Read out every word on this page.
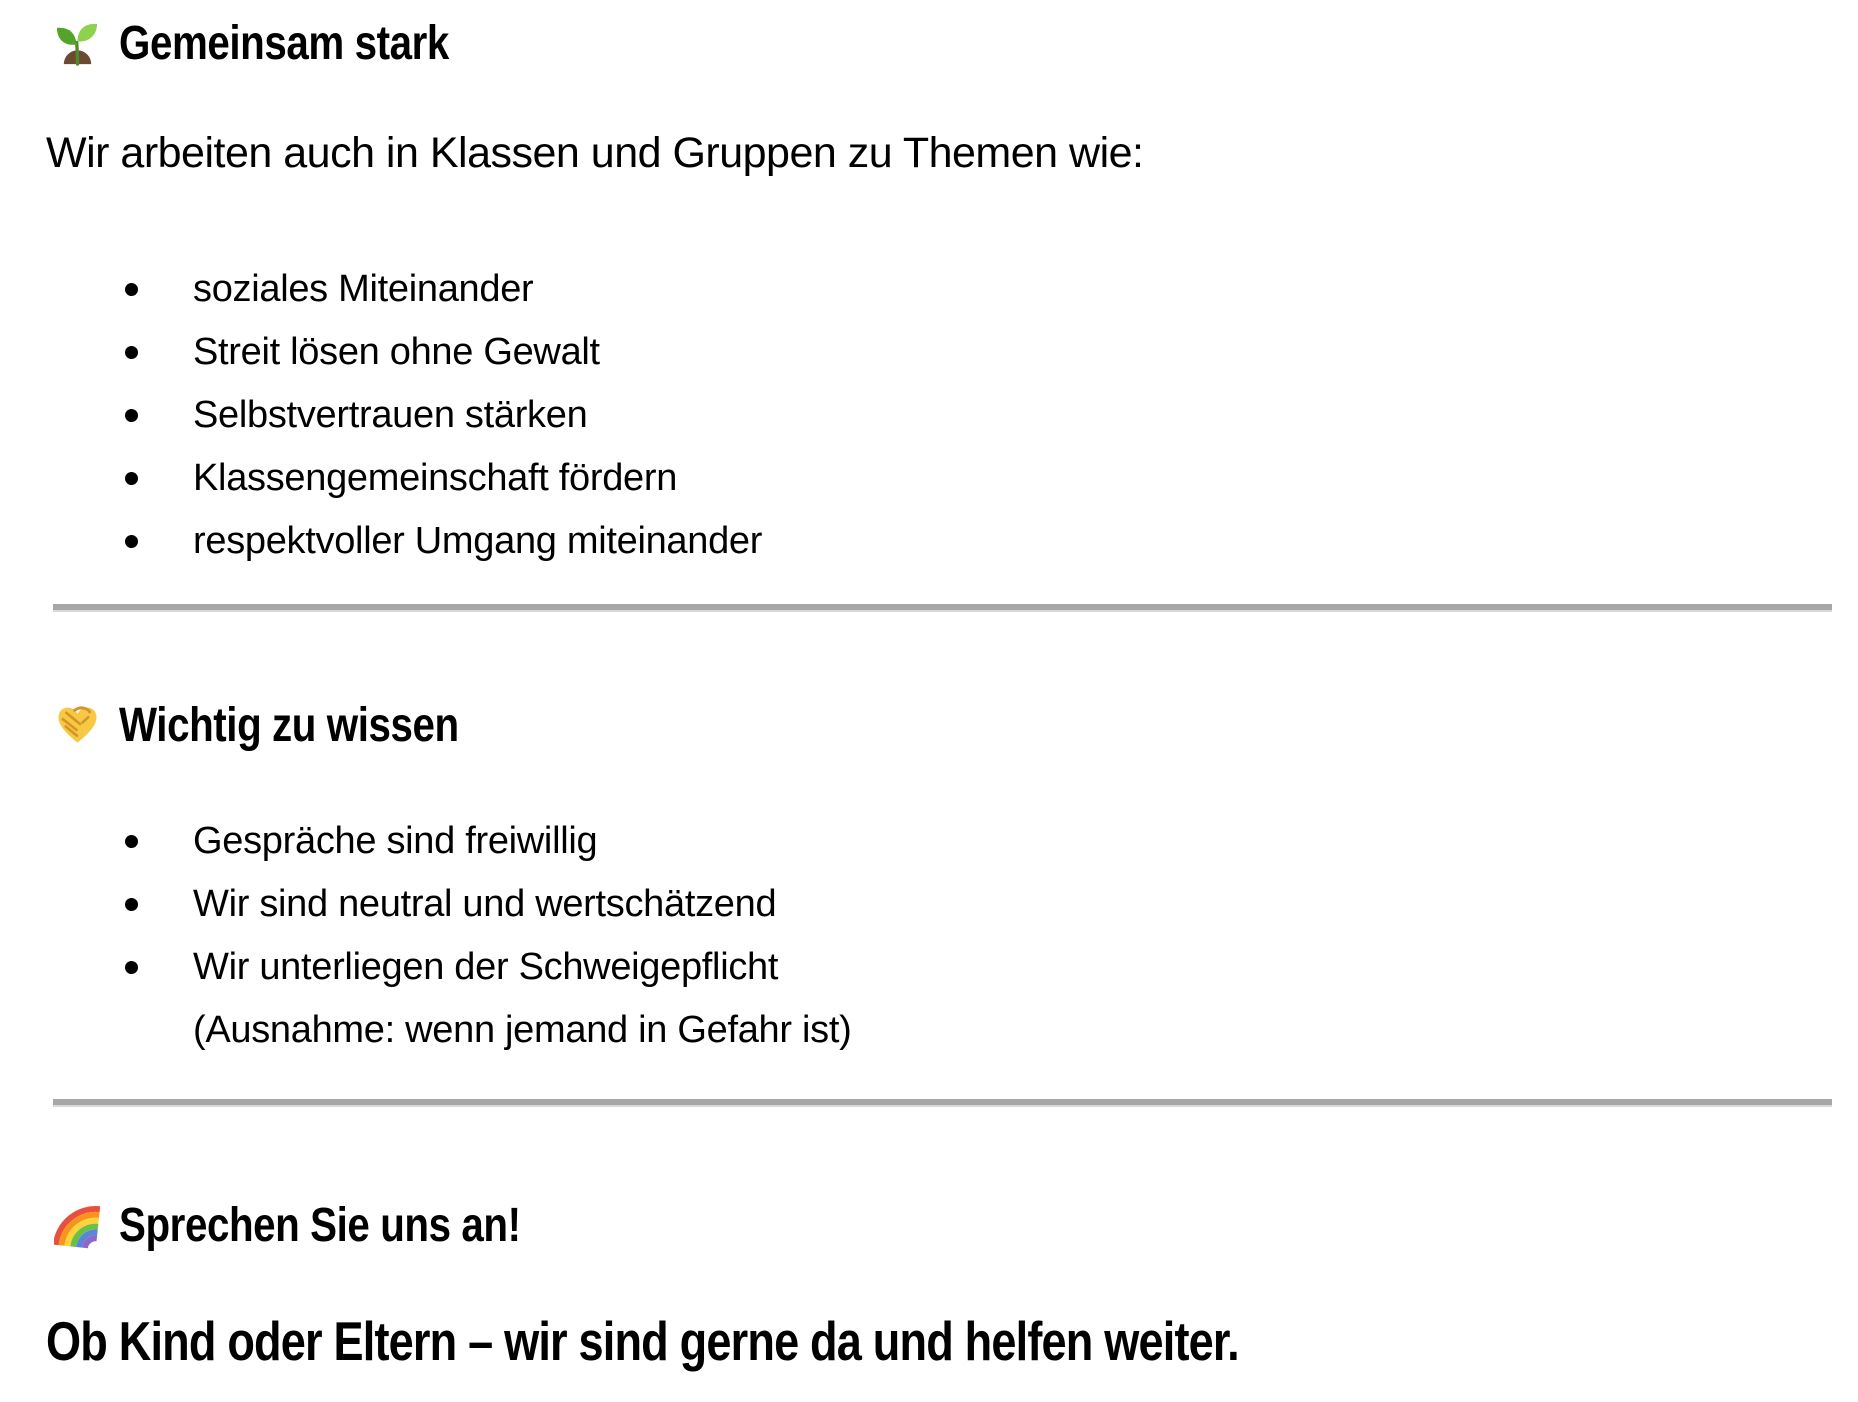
Gemeinsam stark
Wir arbeiten auch in Klassen und Gruppen zu Themen wie:
soziales Miteinander
Streit lösen ohne Gewalt
Selbstvertrauen stärken
Klassengemeinschaft fördern
respektvoller Umgang miteinander
Wichtig zu wissen
Gespräche sind freiwillig
Wir sind neutral und wertschätzend
Wir unterliegen der Schweigepflicht
(Ausnahme: wenn jemand in Gefahr ist)
Sprechen Sie uns an!
Ob Kind oder Eltern – wir sind gerne da und helfen weiter.
